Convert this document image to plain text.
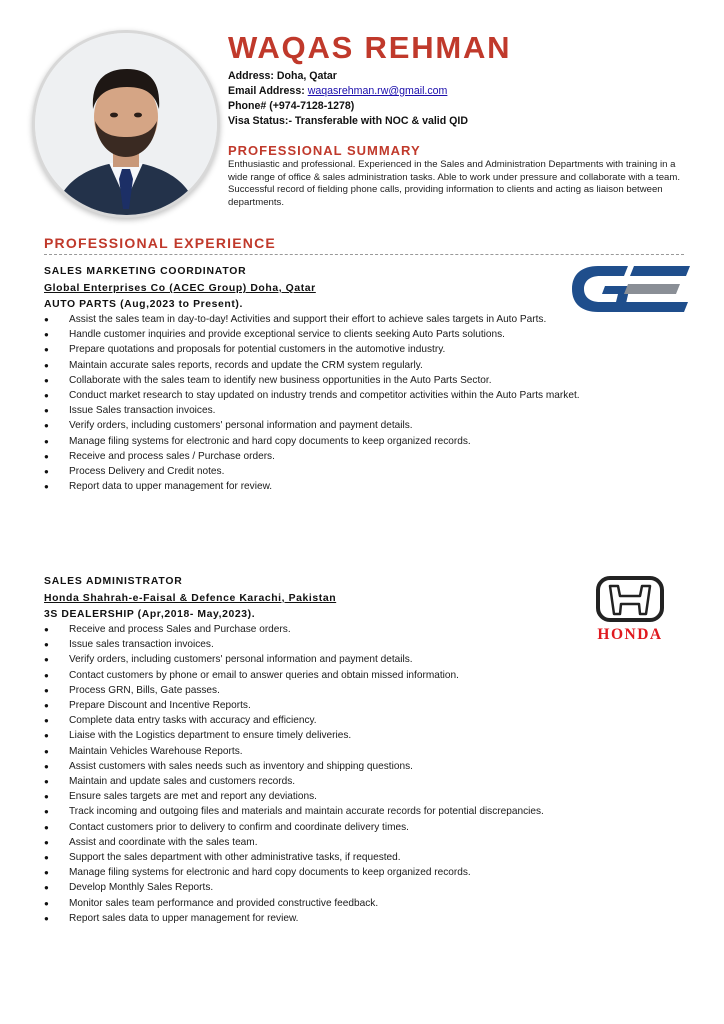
WAQAS REHMAN
Address: Doha, Qatar
Email Address: waqasrehman.rw@gmail.com
Phone# (+974-7128-1278)
Visa Status:- Transferable with NOC & valid QID
PROFESSIONAL SUMMARY
Enthusiastic and professional. Experienced in the Sales and Administration Departments with training in a wide range of office & sales administration tasks. Able to work under pressure and collaborate with a team. Successful record of fielding phone calls, providing information to clients and acting as liaison between departments.
PROFESSIONAL EXPERIENCE
SALES MARKETING COORDINATOR
Global Enterprises Co (ACEC Group) Doha, Qatar
AUTO PARTS (Aug,2023 to Present).
● Assist the sales team in day-to-day! Activities and support their effort to achieve sales targets in Auto Parts.
● Handle customer inquiries and provide exceptional service to clients seeking Auto Parts solutions.
● Prepare quotations and proposals for potential customers in the automotive industry.
● Maintain accurate sales reports, records and update the CRM system regularly.
● Collaborate with the sales team to identify new business opportunities in the Auto Parts Sector.
● Conduct market research to stay updated on industry trends and competitor activities within the Auto Parts market.
● Issue Sales transaction invoices.
● Verify orders, including customers' personal information and payment details.
● Manage filing systems for electronic and hard copy documents to keep organized records.
● Receive and process sales / Purchase orders.
● Process Delivery and Credit notes.
● Report data to upper management for review.
SALES ADMINISTRATOR
Honda Shahrah-e-Faisal & Defence Karachi, Pakistan
3S DEALERSHIP (Apr,2018- May,2023).
● Receive and process Sales and Purchase orders.
● Issue sales transaction invoices.
● Verify orders, including customers' personal information and payment details.
● Contact customers by phone or email to answer queries and obtain missed information.
● Process GRN, Bills, Gate passes.
● Prepare Discount and Incentive Reports.
● Complete data entry tasks with accuracy and efficiency.
● Liaise with the Logistics department to ensure timely deliveries.
● Maintain Vehicles Warehouse Reports.
● Assist customers with sales needs such as inventory and shipping questions.
● Maintain and update sales and customers records.
● Ensure sales targets are met and report any deviations.
● Track incoming and outgoing files and materials and maintain accurate records for potential discrepancies.
● Contact customers prior to delivery to confirm and coordinate delivery times.
● Assist and coordinate with the sales team.
● Support the sales department with other administrative tasks, if requested.
● Manage filing systems for electronic and hard copy documents to keep organized records.
● Develop Monthly Sales Reports.
● Monitor sales team performance and provided constructive feedback.
● Report sales data to upper management for review.
HONDA
